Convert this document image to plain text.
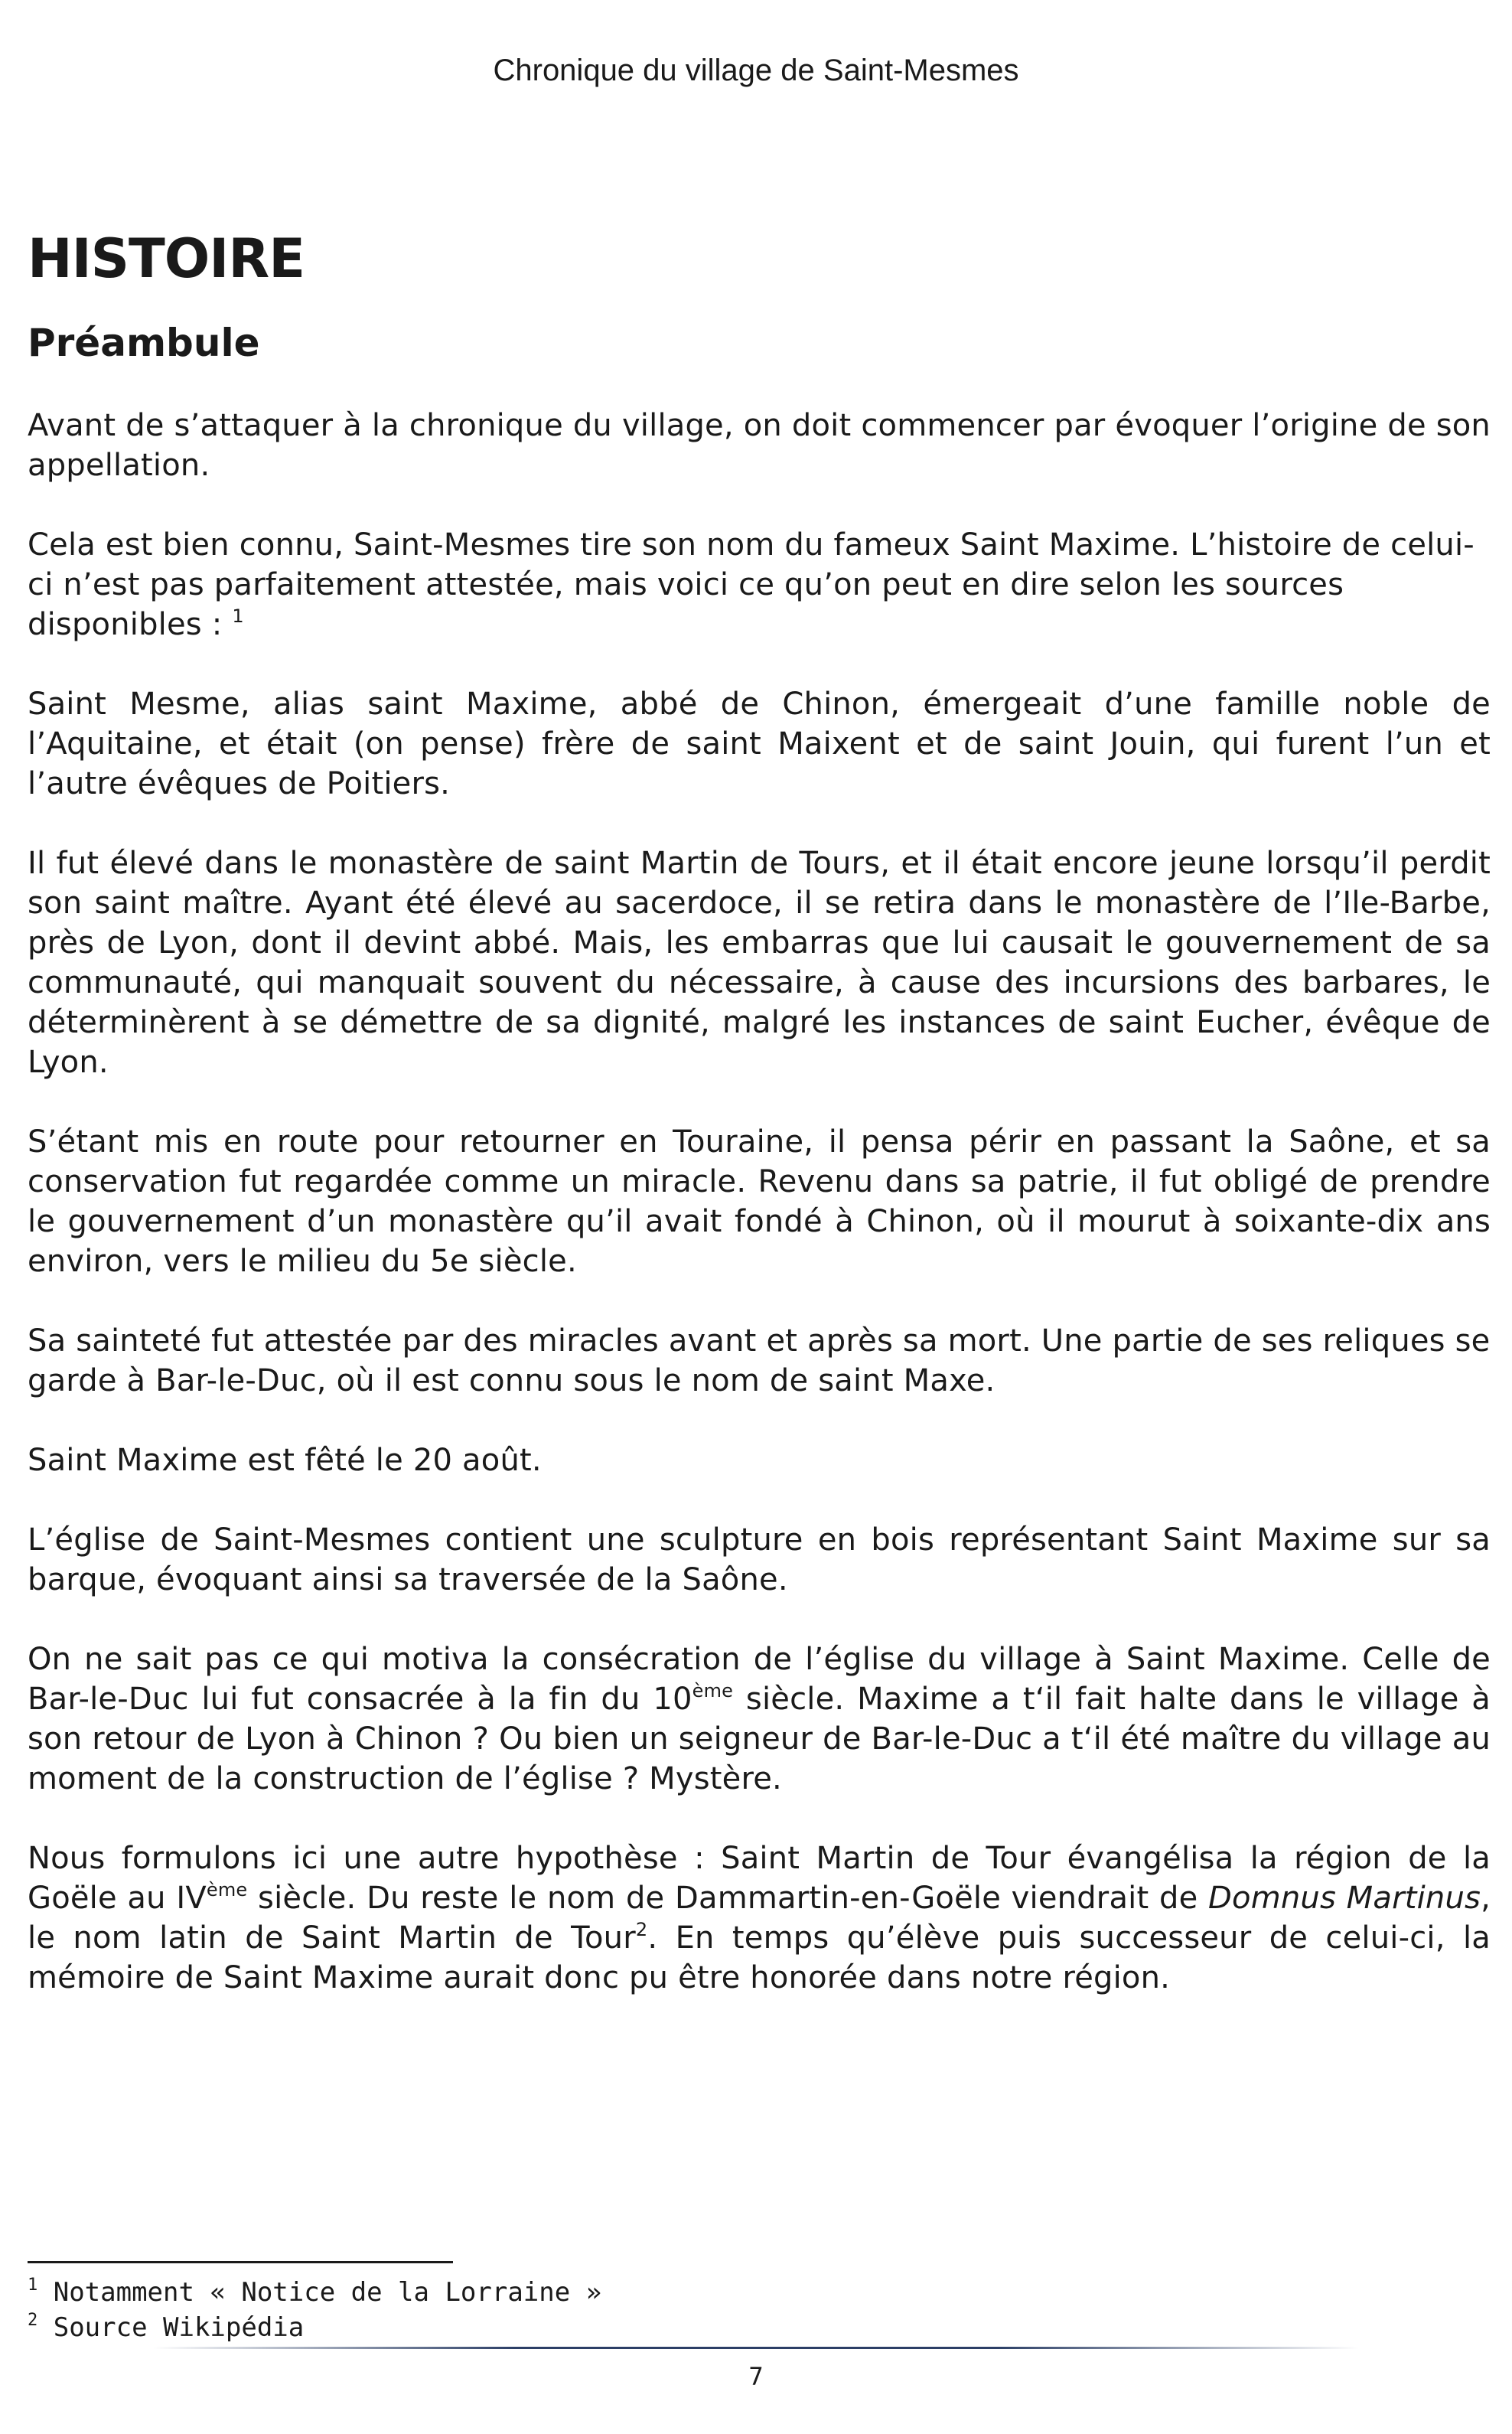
Chronique du village de Saint-Mesmes
HISTOIRE
Préambule

Avant de s’attaquer à la chronique du village, on doit commencer par évoquer l’origine de son appellation.

Cela est bien connu, Saint-Mesmes tire son nom du fameux Saint Maxime. L’histoire de celui-ci n’est pas parfaitement attestée, mais voici ce qu’on peut en dire selon les sources disponibles : $^1$

Saint Mesme, alias saint Maxime, abbé de Chinon, émergeait d’une famille noble de l’Aquitaine, et était (on pense) frère de saint Maixent et de saint Jouin, qui furent l’un et l’autre évêques de Poitiers.

Il fut élevé dans le monastère de saint Martin de Tours, et il était encore jeune lorsqu’il perdit son saint maître. Ayant été élevé au sacerdoce, il se retira dans le monastère de l’Ile-Barbe, près de Lyon, dont il devint abbé. Mais, les embarras que lui causait le gouvernement de sa communauté, qui manquait souvent du nécessaire, à cause des incursions des barbares, le déterminèrent à se démettre de sa dignité, malgré les instances de saint Eucher, évêque de Lyon.

S’étant mis en route pour retourner en Touraine, il pensa périr en passant la Saône, et sa conservation fut regardée comme un miracle. Revenu dans sa patrie, il fut obligé de prendre le gouvernement d’un monastère qu’il avait fondé à Chinon, où il mourut à soixante-dix ans environ, vers le milieu du 5e siècle.

Sa sainteté fut attestée par des miracles avant et après sa mort. Une partie de ses reliques se garde à Bar-le-Duc, où il est connu sous le nom de saint Maxe.

Saint Maxime est fêté le 20 août.

L’église de Saint-Mesmes contient une sculpture en bois représentant Saint Maxime sur sa barque, évoquant ainsi sa traversée de la Saône.

On ne sait pas ce qui motiva la consécration de l’église du village à Saint Maxime. Celle de Bar-le-Duc lui fut consacrée à la fin du 10ème siècle. Maxime a t‘il fait halte dans le village à son retour de Lyon à Chinon ? Ou bien un seigneur de Bar-le-Duc a t‘il été maître du village au moment de la construction de l’église ? Mystère.

Nous formulons ici une autre hypothèse : Saint Martin de Tour évangélisa la région de la Goële au IVème siècle. Du reste le nom de Dammartin-en-Goële viendrait de Domnus Martinus, le nom latin de Saint Martin de Tour$^2$. En temps qu’élève puis successeur de celui-ci, la mémoire de Saint Maxime aurait donc pu être honorée dans notre région.

$^1$ Notamment « Notice de la Lorraine »
$^2$ Source Wikipédia
7
